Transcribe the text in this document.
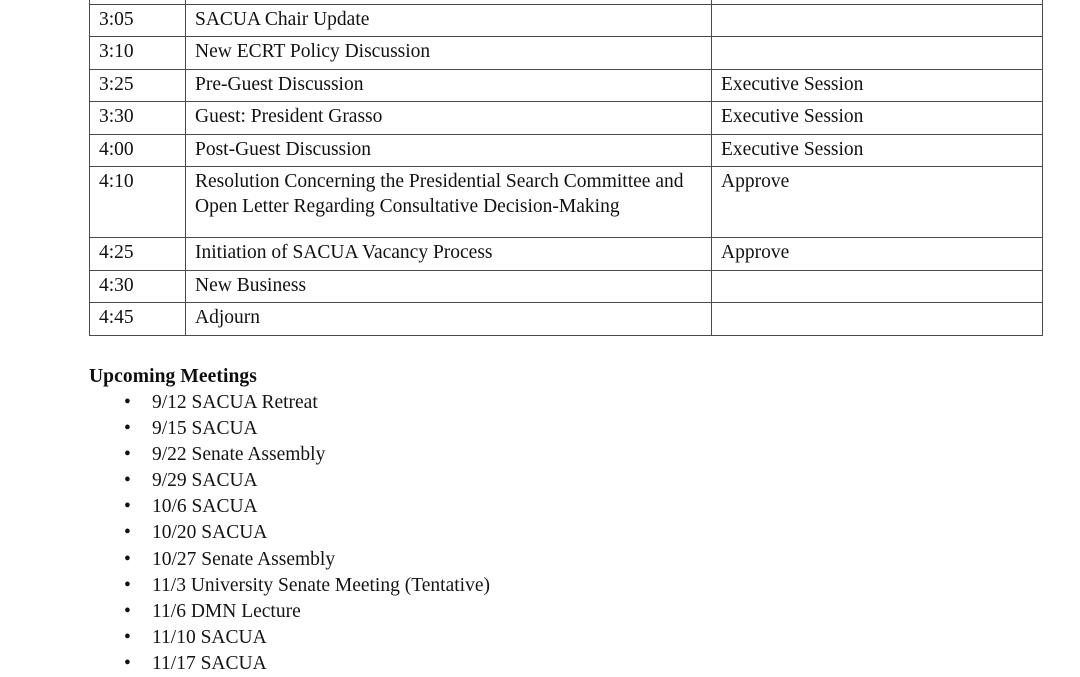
3:05	SACUA Chair Update	
3:10	New ECRT Policy Discussion	
3:25	Pre-Guest Discussion	Executive Session
3:30	Guest: President Grasso	Executive Session
4:00	Post-Guest Discussion	Executive Session
4:10	Resolution Concerning the Presidential Search Committee and Open Letter Regarding Consultative Decision-Making	Approve
4:25	Initiation of SACUA Vacancy Process	Approve
4:30	New Business	
4:45	Adjourn	
Upcoming Meetings
• 9/12 SACUA Retreat
• 9/15 SACUA
• 9/22 Senate Assembly
• 9/29 SACUA
• 10/6 SACUA
• 10/20 SACUA
• 10/27 Senate Assembly
• 11/3 University Senate Meeting (Tentative)
• 11/6 DMN Lecture
• 11/10 SACUA
• 11/17 SACUA
